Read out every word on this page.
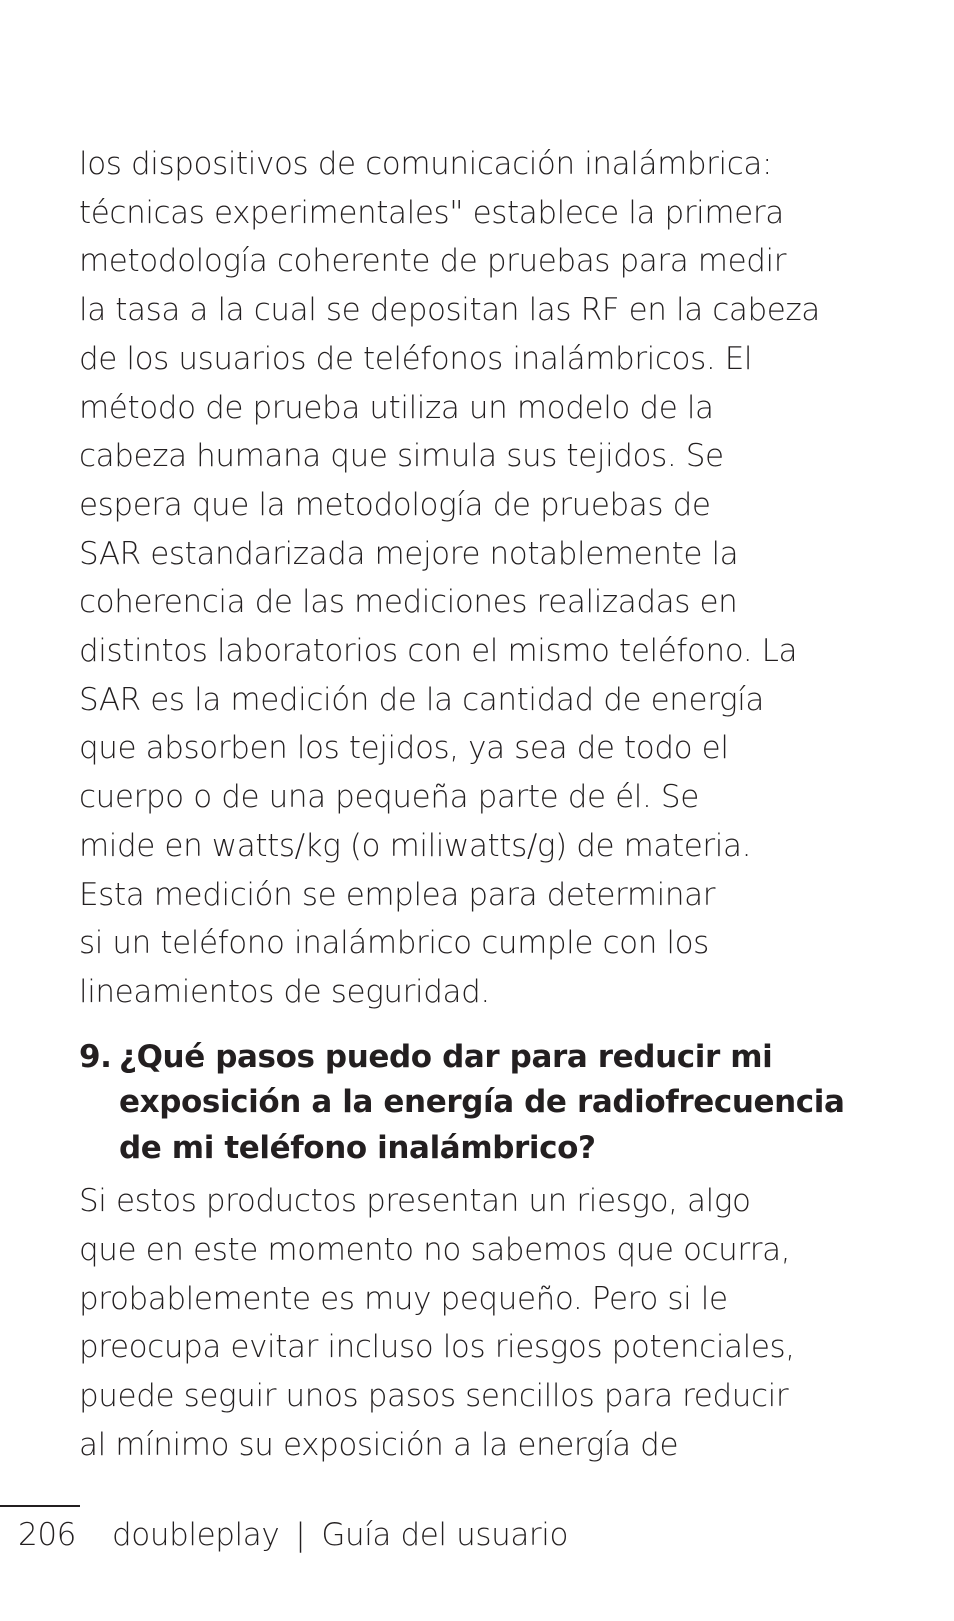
los dispositivos de comunicación inalámbrica:
técnicas experimentales" establece la primera
metodología coherente de pruebas para medir
la tasa a la cual se depositan las RF en la cabeza
de los usuarios de teléfonos inalámbricos. El
método de prueba utiliza un modelo de la
cabeza humana que simula sus tejidos. Se
espera que la metodología de pruebas de
SAR estandarizada mejore notablemente la
coherencia de las mediciones realizadas en
distintos laboratorios con el mismo teléfono. La
SAR es la medición de la cantidad de energía
que absorben los tejidos, ya sea de todo el
cuerpo o de una pequeña parte de él. Se
mide en watts/kg (o miliwatts/g) de materia.
Esta medición se emplea para determinar
si un teléfono inalámbrico cumple con los
lineamientos de seguridad.
9. ¿Qué pasos puedo dar para reducir mi
exposición a la energía de radiofrecuencia
de mi teléfono inalámbrico?
Si estos productos presentan un riesgo, algo
que en este momento no sabemos que ocurra,
probablemente es muy pequeño. Pero si le
preocupa evitar incluso los riesgos potenciales,
puede seguir unos pasos sencillos para reducir
al mínimo su exposición a la energía de
206 doubleplay | Guía del usuario
